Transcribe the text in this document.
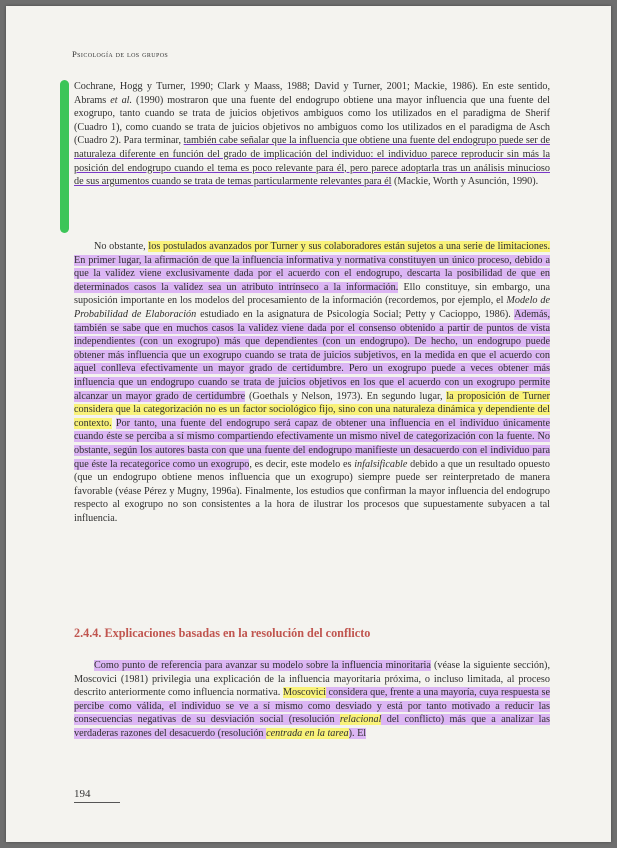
Psicología de los grupos

Cochrane, Hogg y Turner, 1990; Clark y Maass, 1988; David y Turner, 2001; Mackie, 1986). En este sentido, Abrams et al. (1990) mostraron que una fuente del endogrupo obtiene una mayor influencia que una fuente del exogrupo, tanto cuando se trata de juicios objetivos ambiguos como los utilizados en el paradigma de Sherif (Cuadro 1), como cuando se trata de juicios objetivos no ambiguos como los utilizados en el paradigma de Asch (Cuadro 2). Para terminar, también cabe señalar que la influencia que obtiene una fuente del endogrupo puede ser de naturaleza diferente en función del grado de implicación del individuo: el individuo parece reproducir sin más la posición del endogrupo cuando el tema es poco relevante para él, pero parece adoptarla tras un análisis minucioso de sus argumentos cuando se trata de temas particularmente relevantes para él (Mackie, Worth y Asunción, 1990).

No obstante, los postulados avanzados por Turner y sus colaboradores están sujetos a una serie de limitaciones. En primer lugar, la afirmación de que la influencia informativa y normativa constituyen un único proceso, debido a que la validez viene exclusivamente dada por el acuerdo con el endogrupo, descarta la posibilidad de que en determinados casos la validez sea un atributo intrínseco a la información. Ello constituye, sin embargo, una suposición importante en los modelos del procesamiento de la información (recordemos, por ejemplo, el Modelo de Probabilidad de Elaboración estudiado en la asignatura de Psicología Social; Petty y Cacioppo, 1986). Además, también se sabe que en muchos casos la validez viene dada por el consenso obtenido a partir de puntos de vista independientes (con un exogrupo) más que dependientes (con un endogrupo). De hecho, un endogrupo puede obtener más influencia que un exogrupo cuando se trata de juicios subjetivos, en la medida en que el acuerdo con aquel conlleva efectivamente un mayor grado de certidumbre. Pero un exogrupo puede a veces obtener más influencia que un endogrupo cuando se trata de juicios objetivos en los que el acuerdo con un exogrupo permite alcanzar un mayor grado de certidumbre (Goethals y Nelson, 1973). En segundo lugar, la proposición de Turner considera que la categorización no es un factor sociológico fijo, sino con una naturaleza dinámica y dependiente del contexto. Por tanto, una fuente del endogrupo será capaz de obtener una influencia en el individuo únicamente cuando éste se perciba a sí mismo compartiendo efectivamente un mismo nivel de categorización con la fuente. No obstante, según los autores basta con que una fuente del endogrupo manifieste un desacuerdo con el individuo para que éste la recategorice como un exogrupo, es decir, este modelo es infalsificable debido a que un resultado opuesto (que un endogrupo obtiene menos influencia que un exogrupo) siempre puede ser reinterpretado de manera favorable (véase Pérez y Mugny, 1996a). Finalmente, los estudios que confirman la mayor influencia del endogrupo respecto al exogrupo no son consistentes a la hora de ilustrar los procesos que supuestamente subyacen a tal influencia.

2.4.4. Explicaciones basadas en la resolución del conflicto

Como punto de referencia para avanzar su modelo sobre la influencia minoritaria (véase la siguiente sección), Moscovici (1981) privilegia una explicación de la influencia mayoritaria próxima, o incluso limitada, al proceso descrito anteriormente como influencia normativa. Moscovici considera que, frente a una mayoría, cuya respuesta se percibe como válida, el individuo se ve a sí mismo como desviado y está por tanto motivado a reducir las consecuencias negativas de su desviación social (resolución relacional del conflicto) más que a analizar las verdaderas razones del desacuerdo (resolución centrada en la tarea). El

194
